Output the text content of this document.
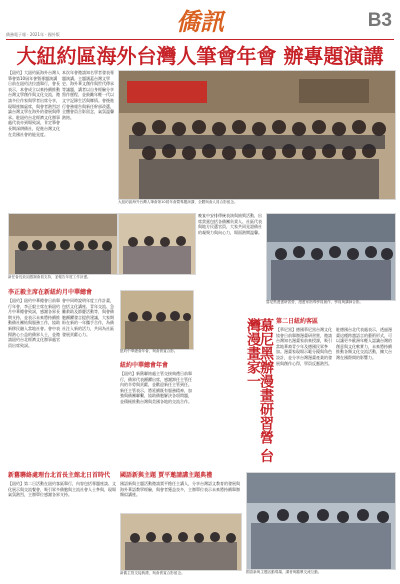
僑務電子報 · 2021年 · 國外版	僑訊	B3
大紐約區海外台灣人筆會年會 辦專題演講
【紐約】大紐約區海外台灣人筆會第10屆年會暨專題演講日前在紐約法拉盛舉行，會長表示，本會成立以來持續推動台灣文學創作與文化交流，邀請多位作家與學者出席分享，現場座無虛席，與會者熱烈討論台灣文學在海外的發展與傳承。駐紐約台北經濟文化辦事處代表亦到場致詞，肯定筆會長期深耕僑社，促進台灣文化在美國社會的能見度。
本次年會邀請知名學者發表專題演講，主題涵蓋台灣文學史、海外華文創作與世代傳承等議題，講者以自身經驗分享寫作歷程，並鼓勵年輕一代以文字記錄生活與鄉情。會後進行會務報告與新任幹部改選，全體會員合影留念，氣氛溫馨熱絡。
大紐約區海外台灣人筆會第10屆年會暨專題演講，全體與會人員合影留念。
新任會長致詞感謝會員支持，並報告年度工作計畫。
晚宴中安排傳統表演與抽獎活動，出席貴賓包括各僑團負責人、社區代表與地方民選官員，大家共同見證僑社的凝聚力與向心力，場面熱鬧溫馨。
慕尼黑漫畫研習營，漫畫家指導學員創作，學員與講師合影。
慕尼黑辦漫畫研習營 台灣漫畫家一
李正毅主席在新紐約月中華總會
【紐約】紐約中華總會日前舉行年會，李正毅主席在新紐約月中華總會致詞，感謝各界長期支持，並表示未來將持續推動僑社團結與服務工作，協助新移民融入當地社會。會中表揚熱心公益的僑界人士，並邀請紐約台北經濟文化辦事處官員出席致詞。
會中同時說明年度工作計畫，包括文化講座、青年交流、急難救助及節慶活動等，與會僑胞踴躍發言提供建議，大家期盼在新的一年攜手合作，為僑社注入新的活力，共同為社區發展貢獻心力。
紐約中華總會年會，與會貴賓合影。
紐約中華總會年會
【紐約】新舊聯絡處主管交接典禮日前舉行，僑界代表踴躍出席，感謝卸任主管任內的辛勞與貢獻，並歡迎新任主管到任。新任主管表示，將延續既有服務精神，加強與僑團聯繫，協助僑胞解決各項問題，並積極推動台灣與美國各地的交流合作。
第二日紐約客區
【慕尼黑】德國慕尼黑台灣文化協會日前舉辦漫畫研習營，邀請台灣知名漫畫家前來授課，吸引當地華裔青少年及德國民眾參加。漫畫家現場示範分鏡與角色設計，並分享台灣漫畫產業的發展與創作心得，學員反應熱烈。
駐德國台北代表處表示，透過漫畫這種跨越語言的藝術形式，可以讓更多歐洲年輕人認識台灣的創意與文化軟實力，未來將持續推動各類文化交流活動，擴大台灣在國際間的影響力。
新舊聯絡處理台北首長主館北日首時代
【紐約】第二日活動在紐約客區舉行，內容包括專題座談、文化展示與交流餐會，吸引眾多僑胞與主流社會人士參與，現場氣氛熱烈，主辦單位感謝各界支持。
國語新與主題 賈平邀請講主題典禮
國語新與主題活動邀請賈平擔任主講人，分享台灣語文教育的發展與海外華語教學經驗，與會者獲益良多，主辦單位表示未來將持續舉辦類似講座。
新舊主管交接典禮，與會貴賓合影留念。	國語新與主題活動現場，講者與聽眾交流互動。
